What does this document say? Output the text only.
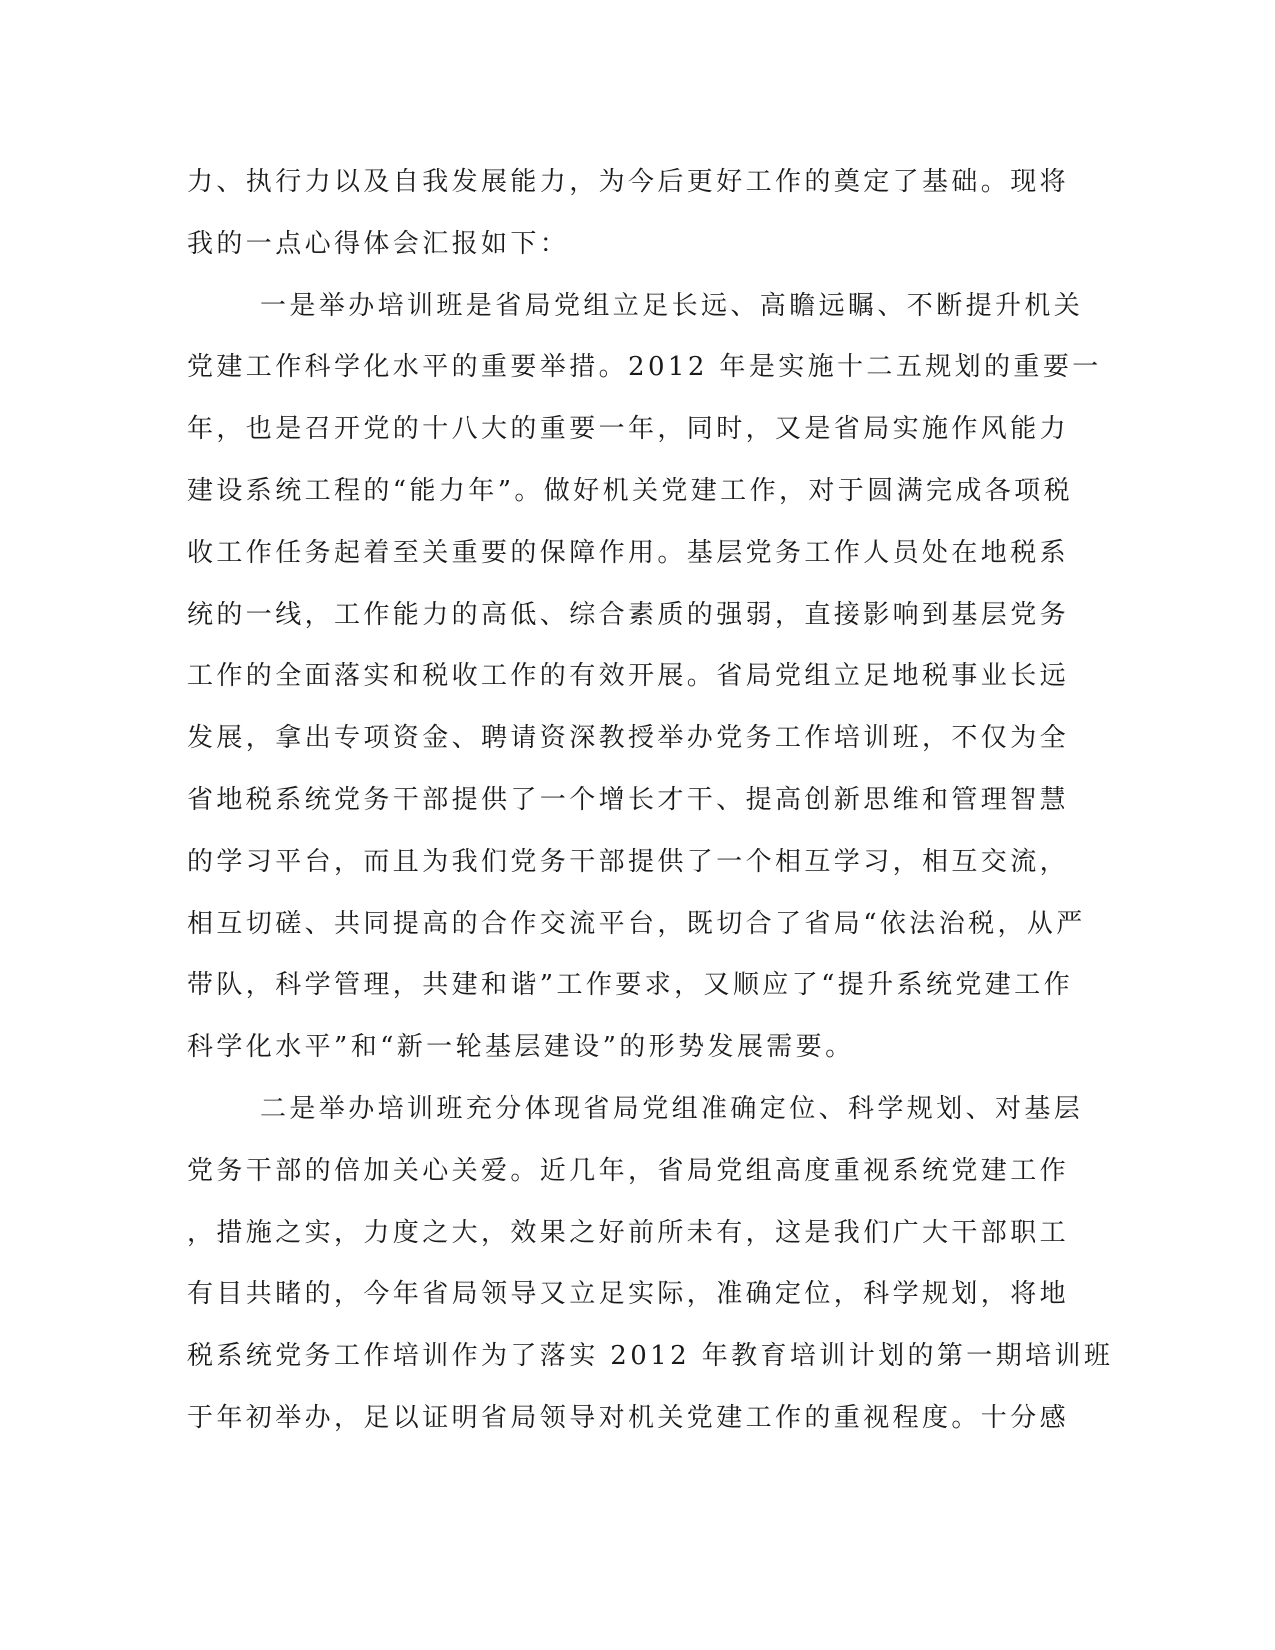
力、执行力以及自我发展能力，为今后更好工作的奠定了基础。现将
我的一点心得体会汇报如下：
一是举办培训班是省局党组立足长远、高瞻远瞩、不断提升机关
党建工作科学化水平的重要举措。2012 年是实施十二五规划的重要一
年，也是召开党的十八大的重要一年，同时，又是省局实施作风能力
建设系统工程的“能力年”。做好机关党建工作，对于圆满完成各项税
收工作任务起着至关重要的保障作用。基层党务工作人员处在地税系
统的一线，工作能力的高低、综合素质的强弱，直接影响到基层党务
工作的全面落实和税收工作的有效开展。省局党组立足地税事业长远
发展，拿出专项资金、聘请资深教授举办党务工作培训班，不仅为全
省地税系统党务干部提供了一个增长才干、提高创新思维和管理智慧
的学习平台，而且为我们党务干部提供了一个相互学习，相互交流，
相互切磋、共同提高的合作交流平台，既切合了省局“依法治税，从严
带队，科学管理，共建和谐”工作要求，又顺应了“提升系统党建工作
科学化水平”和“新一轮基层建设”的形势发展需要。
二是举办培训班充分体现省局党组准确定位、科学规划、对基层
党务干部的倍加关心关爱。近几年，省局党组高度重视系统党建工作
，措施之实，力度之大，效果之好前所未有，这是我们广大干部职工
有目共睹的，今年省局领导又立足实际，准确定位，科学规划，将地
税系统党务工作培训作为了落实 2012 年教育培训计划的第一期培训班
于年初举办，足以证明省局领导对机关党建工作的重视程度。十分感
